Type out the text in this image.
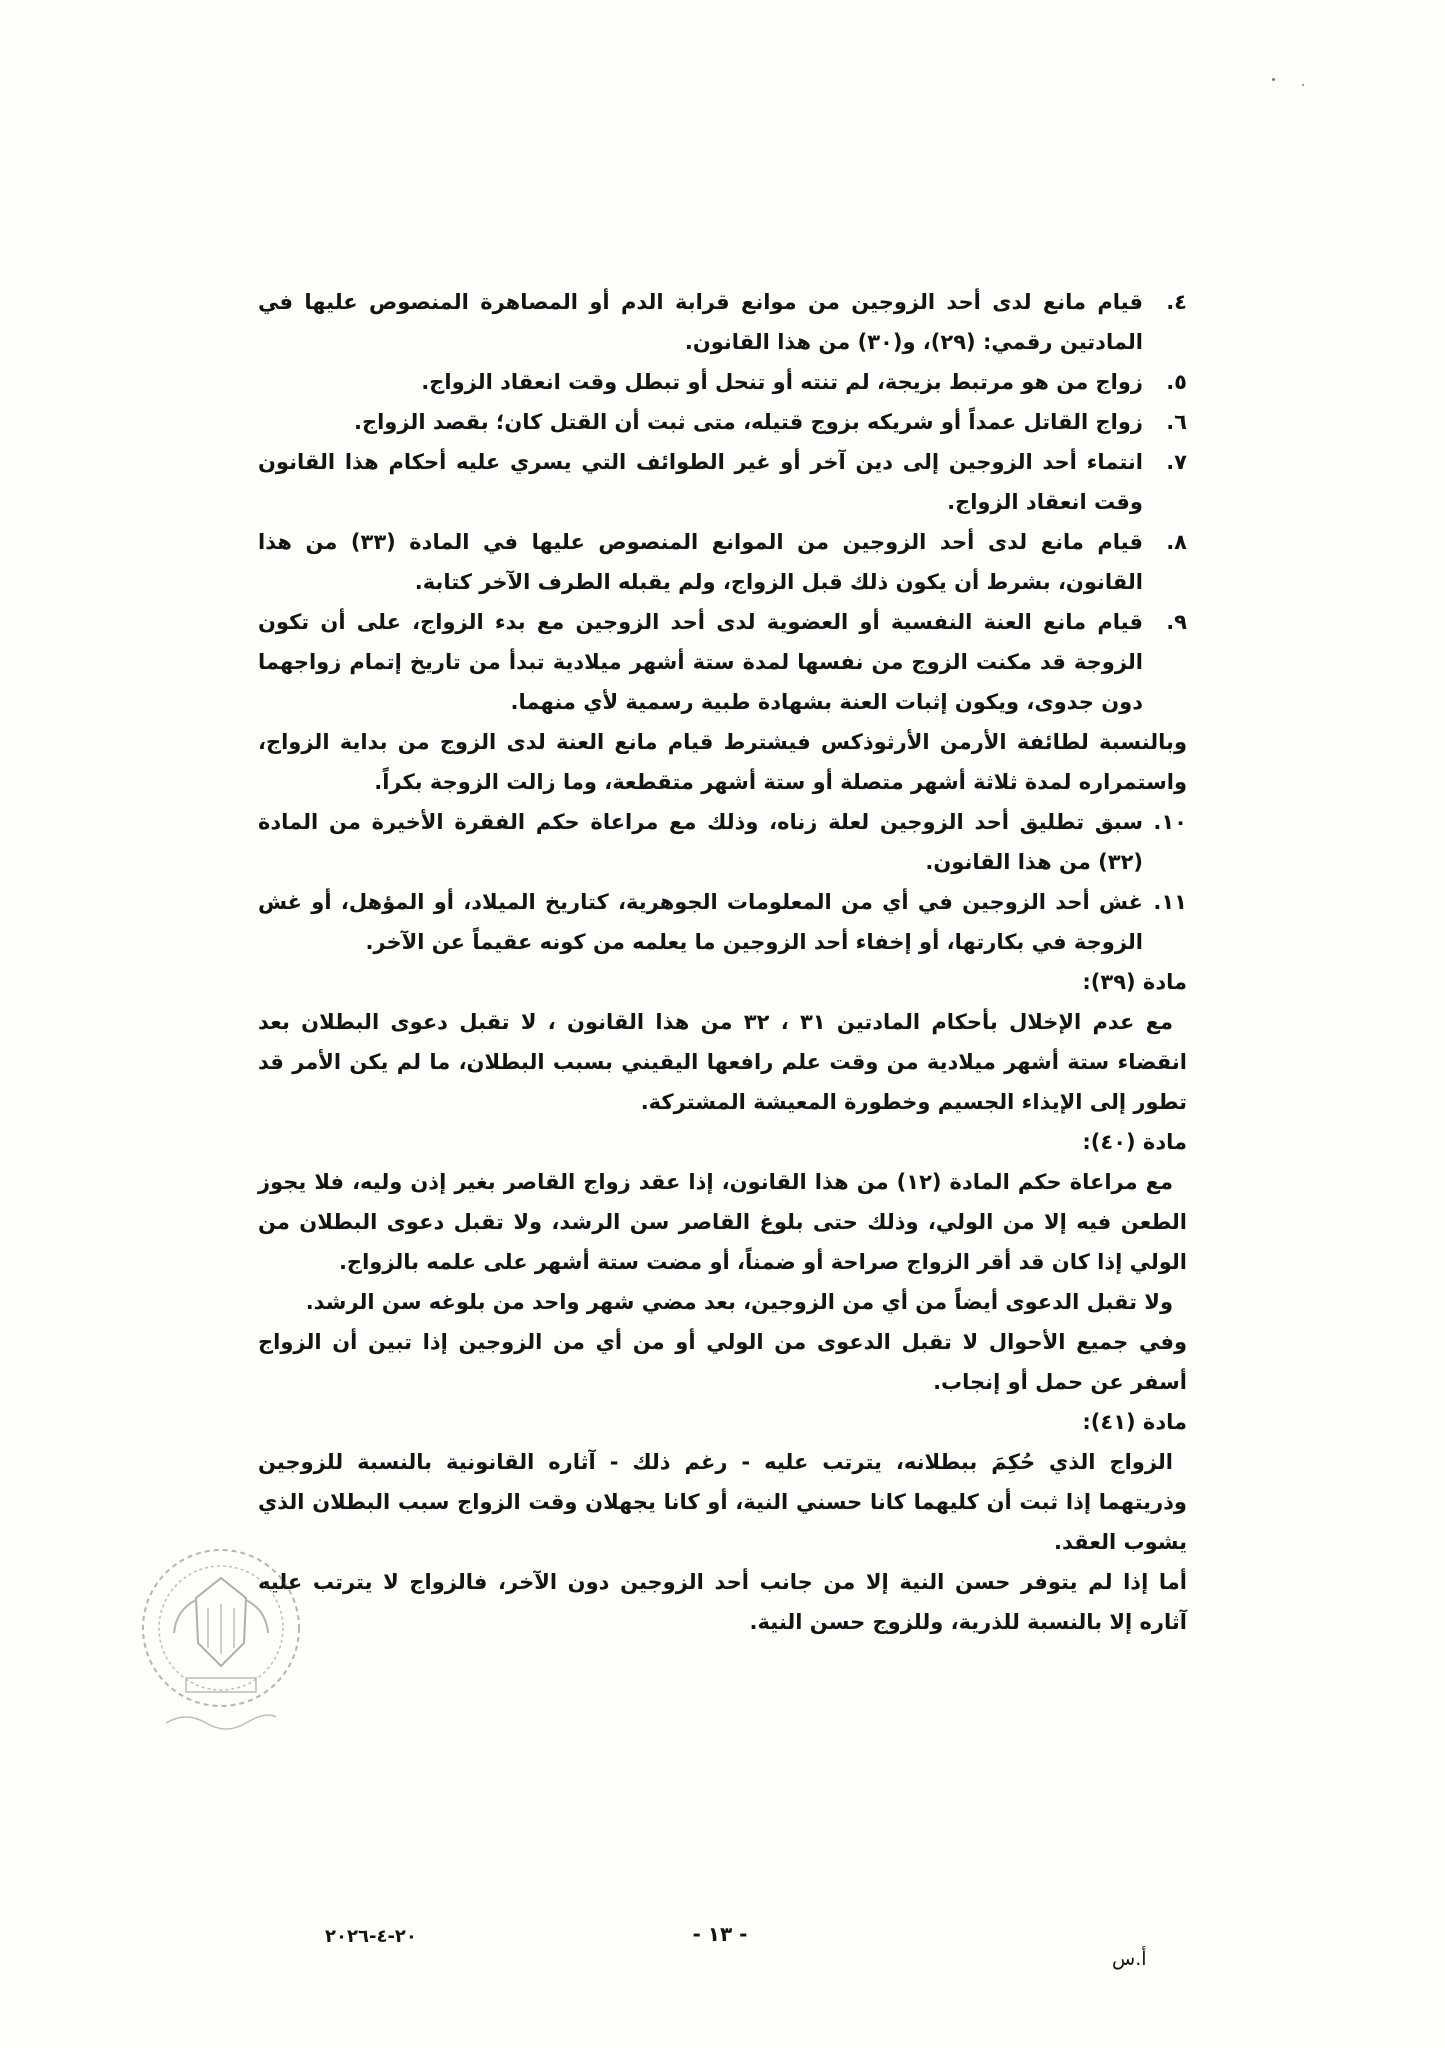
٤.
قيام مانع لدى أحد الزوجين من موانع قرابة الدم أو المصاهرة المنصوص عليها في المادتين رقمي: (٢٩)، و(٣٠) من هذا القانون.
٥.
زواج من هو مرتبط بزيجة، لم تنته أو تنحل أو تبطل وقت انعقاد الزواج.
٦.
زواج القاتل عمداً أو شريكه بزوج قتيله، متى ثبت أن القتل كان؛ بقصد الزواج.
٧.
انتماء أحد الزوجين إلى دين آخر أو غير الطوائف التي يسري عليه أحكام هذا القانون وقت انعقاد الزواج.
٨.
قيام مانع لدى أحد الزوجين من الموانع المنصوص عليها في المادة (٣٣) من هذا القانون، بشرط أن يكون ذلك قبل الزواج، ولم يقبله الطرف الآخر كتابة.
٩.
قيام مانع العنة النفسية أو العضوية لدى أحد الزوجين مع بدء الزواج، على أن تكون الزوجة قد مكنت الزوج من نفسها لمدة ستة أشهر ميلادية تبدأ من تاريخ إتمام زواجهما دون جدوى، ويكون إثبات العنة بشهادة طبية رسمية لأي منهما.

وبالنسبة لطائفة الأرمن الأرثوذكس فيشترط قيام مانع العنة لدى الزوج من بداية الزواج، واستمراره لمدة ثلاثة أشهر متصلة أو ستة أشهر متقطعة، وما زالت الزوجة بكراً.

١٠.
سبق تطليق أحد الزوجين لعلة زناه، وذلك مع مراعاة حكم الفقرة الأخيرة من المادة (٣٢) من هذا القانون.
١١.
غش أحد الزوجين في أي من المعلومات الجوهرية، كتاريخ الميلاد، أو المؤهل، أو غش الزوجة في بكارتها، أو إخفاء أحد الزوجين ما يعلمه من كونه عقيماً عن الآخر.

مادة (٣٩):

مع عدم الإخلال بأحكام المادتين ٣١ ، ٣٢ من هذا القانون ، لا تقبل دعوى البطلان بعد انقضاء ستة أشهر ميلادية من وقت علم رافعها اليقيني بسبب البطلان، ما لم يكن الأمر قد تطور إلى الإيذاء الجسيم وخطورة المعيشة المشتركة.

مادة (٤٠):

مع مراعاة حكم المادة (١٢) من هذا القانون، إذا عقد زواج القاصر بغير إذن وليه، فلا يجوز الطعن فيه إلا من الولي، وذلك حتى بلوغ القاصر سن الرشد، ولا تقبل دعوى البطلان من الولي إذا كان قد أقر الزواج صراحة أو ضمناً، أو مضت ستة أشهر على علمه بالزواج.

ولا تقبل الدعوى أيضاً من أي من الزوجين، بعد مضي شهر واحد من بلوغه سن الرشد.

وفي جميع الأحوال لا تقبل الدعوى من الولي أو من أي من الزوجين إذا تبين أن الزواج أسفر عن حمل أو إنجاب.

مادة (٤١):

الزواج الذي حُكِمَ ببطلانه، يترتب عليه - رغم ذلك - آثاره القانونية بالنسبة للزوجين وذريتهما إذا ثبت أن كليهما كانا حسني النية، أو كانا يجهلان وقت الزواج سبب البطلان الذي يشوب العقد.

أما إذا لم يتوفر حسن النية إلا من جانب أحد الزوجين دون الآخر، فالزواج لا يترتب عليه آثاره إلا بالنسبة للذرية، وللزوج حسن النية.

- ١٣ -
٢٠-٤-٢٠٢٦
أ.س
